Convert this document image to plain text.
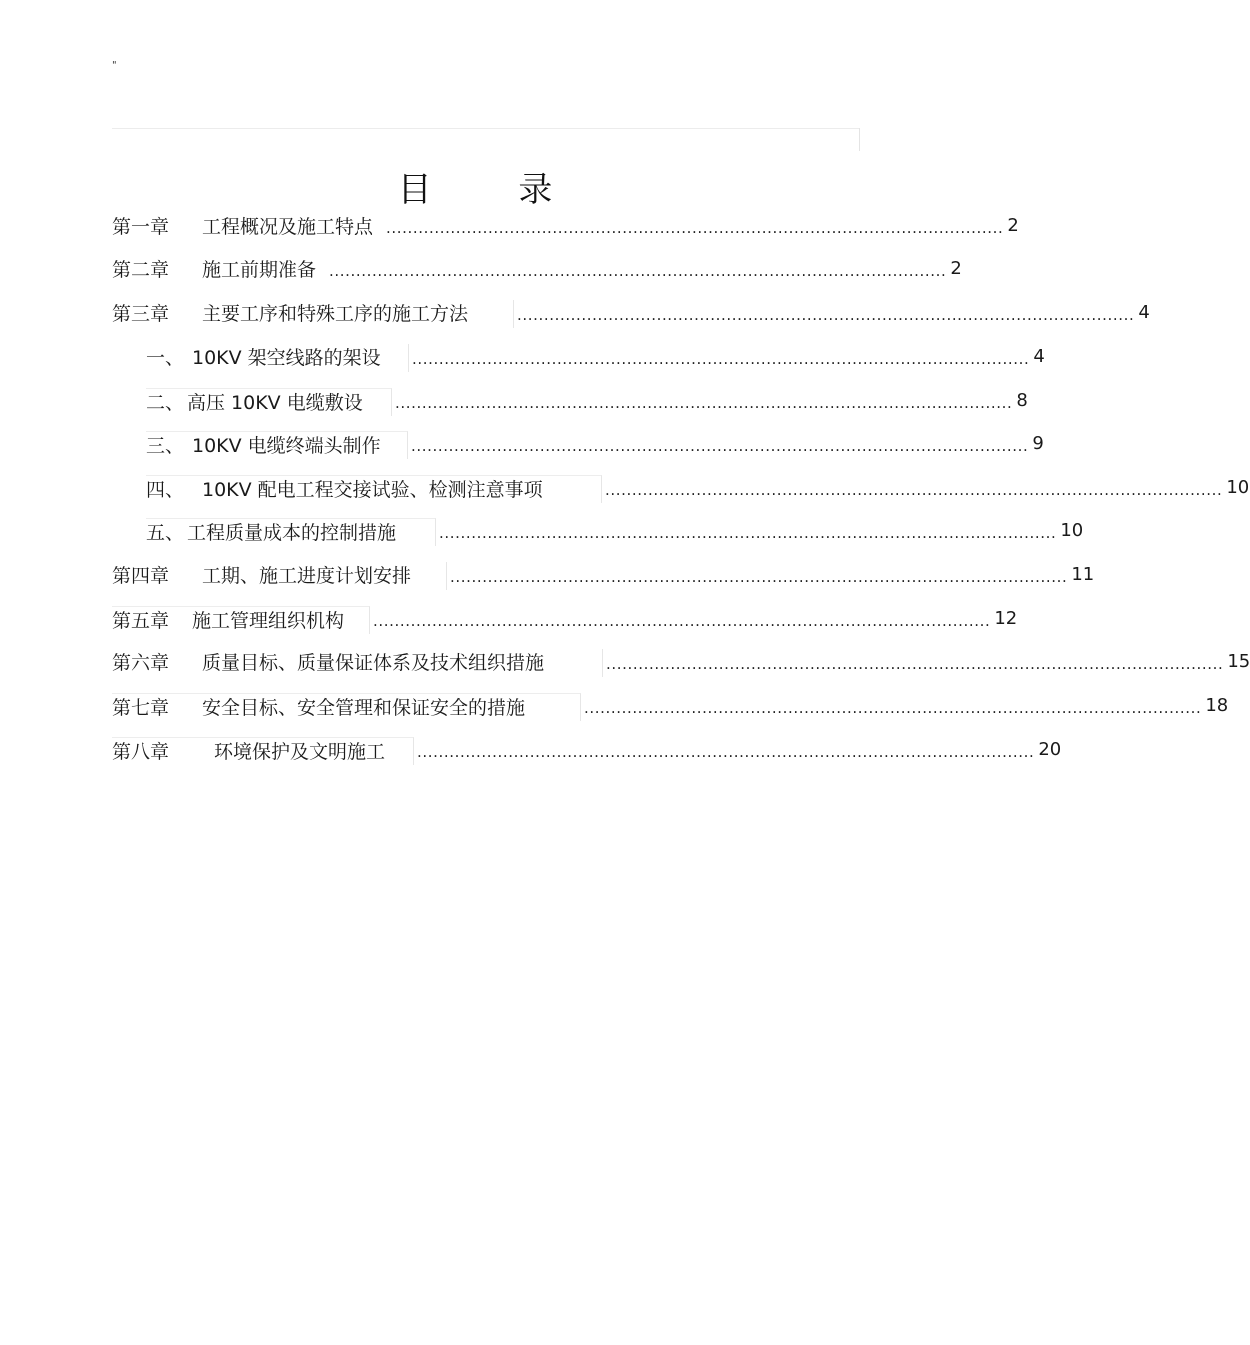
"
目 录
第一章 工程概况及施工特点 ................................................................................................................... 2
第二章 施工前期准备 ................................................................................................................... 2
第三章 主要工序和特殊工序的施工方法	................................................................................................................... 4
一、 10KV 架空线路的架设	................................................................................................................... 4
二、 高压 10KV 电缆敷设	................................................................................................................... 8
三、 10KV 电缆终端头制作	................................................................................................................... 9
四、 10KV 配电工程交接试验、检测注意事项	................................................................................................................... 10
五、 工程质量成本的控制措施	................................................................................................................... 10
第四章 工期、施工进度计划安排	................................................................................................................... 11
第五章 施工管理组织机构	................................................................................................................... 12
第六章 质量目标、质量保证体系及技术组织措施	................................................................................................................... 15
第七章 安全目标、安全管理和保证安全的措施	................................................................................................................... 18
第八章 环境保护及文明施工	................................................................................................................... 20
